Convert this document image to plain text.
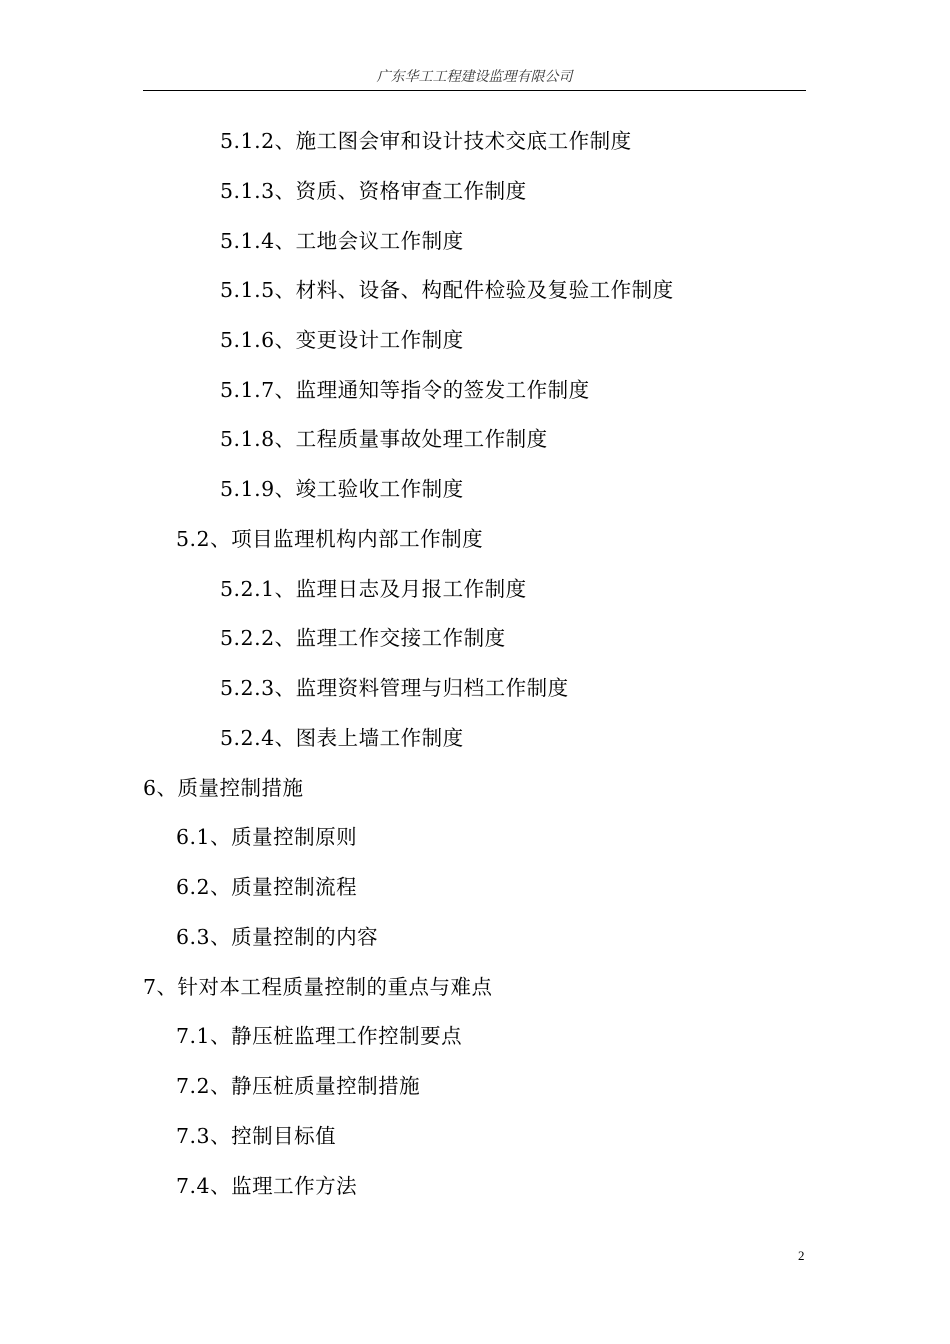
广东华工工程建设监理有限公司
5.1.2、施工图会审和设计技术交底工作制度
5.1.3、资质、资格审查工作制度
5.1.4、工地会议工作制度
5.1.5、材料、设备、构配件检验及复验工作制度
5.1.6、变更设计工作制度
5.1.7、监理通知等指令的签发工作制度
5.1.8、工程质量事故处理工作制度
5.1.9、竣工验收工作制度
5.2、项目监理机构内部工作制度
5.2.1、监理日志及月报工作制度
5.2.2、监理工作交接工作制度
5.2.3、监理资料管理与归档工作制度
5.2.4、图表上墙工作制度
6、质量控制措施
6.1、质量控制原则
6.2、质量控制流程
6.3、质量控制的内容
7、针对本工程质量控制的重点与难点
7.1、静压桩监理工作控制要点
7.2、静压桩质量控制措施
7.3、控制目标值
7.4、监理工作方法
2
